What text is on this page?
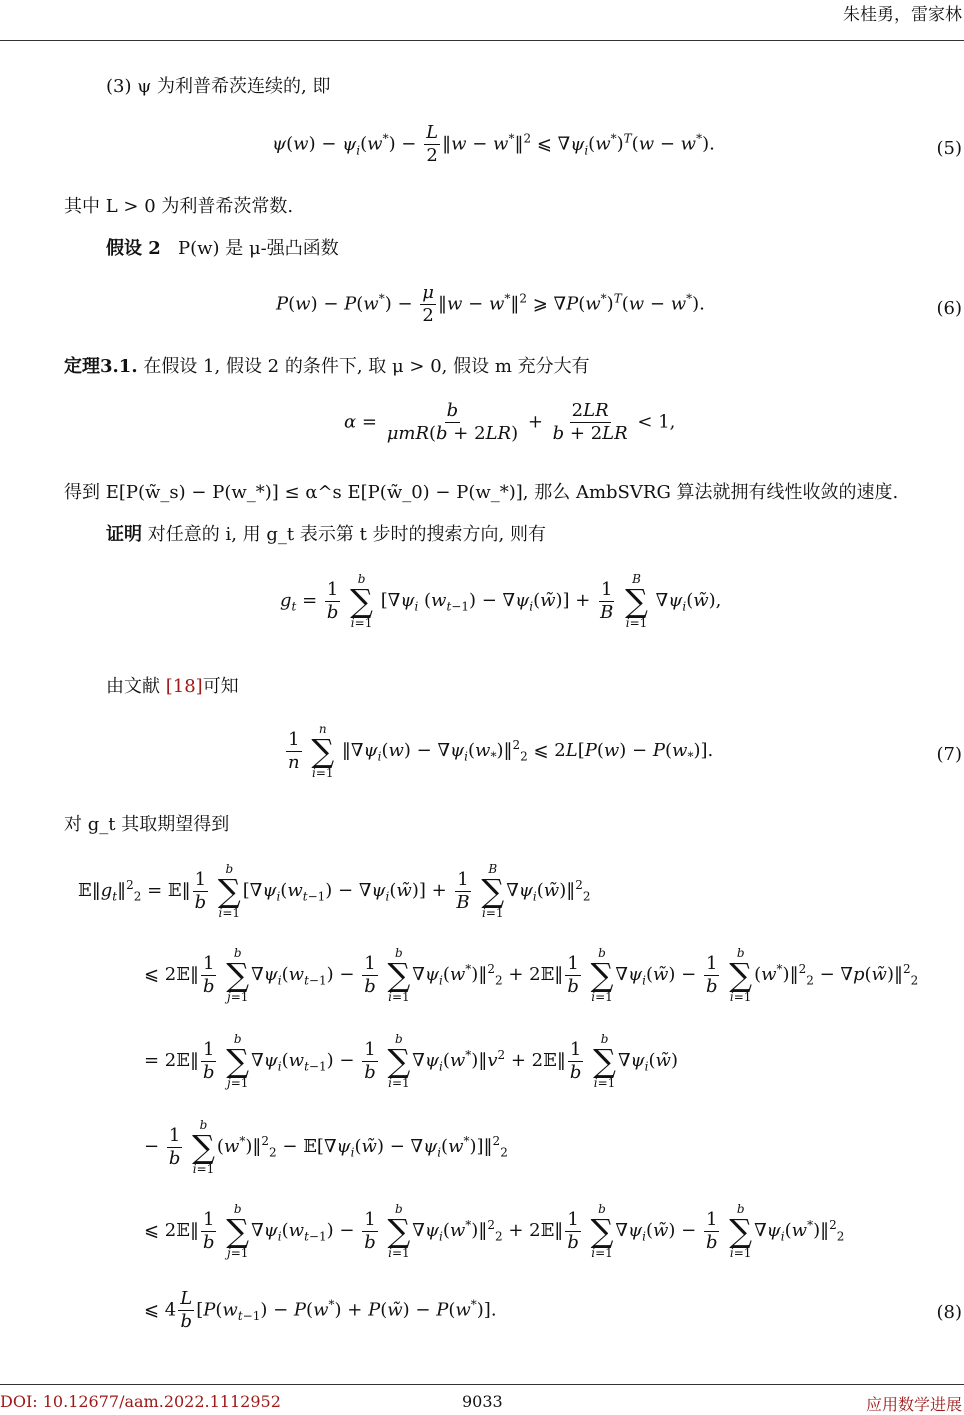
朱桂勇，雷家林
(3) ψ 为利普希茨连续的, 即
$\psi(w) - \psi_i(w^*) - \frac{L}{2}$ ‖w − w*‖$^2$ ⩽ $\nabla\psi_i(w^*)^T(w - w^*)$.	(5)
其中 L > 0 为利普希茨常数.
假设 2 P(w) 是 μ-强凸函数
$P(w) - P(w^*) - \frac{\mu}{2}$ ‖w − w*‖$^2$ ⩾ $\nabla P(w^*)^T(w - w^*)$.	(6)
定理3.1. 在假设 1, 假设 2 的条件下, 取 μ > 0, 假设 m 充分大有
$\alpha = \frac{b}{\text{μmR(b + 2LR)}} + \frac{2LR}{b + 2LR} < 1$,
得到 E[P(w̃_s) − P(w_*)] ≤ α^s E[P(w̃_0) − P(w_*)], 那么 AmbSVRG 算法就拥有线性收敛的速度.
证明 对任意的 i, 用 g_t 表示第 t 步时的搜索方向, 则有
$g_t = \frac{1}{b}$
b
∑
i=1
[$\nabla\psi_i$ $(w_{t-1})$ − $\nabla\psi_i(w̃)] + \frac{1}{B}$
B
∑
i=1
$\nabla\psi_i(w̃)$,
由文献 [18]可知
$\frac{1}{n}$
n
∑
i=1
$‖\nabla\psi_i(w)$ − $\nabla\psi_i(w_*)‖^2_2$ ⩽ $2L[P(w) - P(w_*)]$.	(7)
对 g_t 其取期望得到
$𝔼‖g_t‖^2_2$ = 𝔼‖ $\frac{1}{b}$
b
∑
i=1
[$\nabla\psi_i(w_{t-1})$ − $\nabla\psi_i(w̃)] + \frac{1}{B}$
B
∑
i=1
$\nabla\psi_i(w̃)‖^2_2$
⩽ 2𝔼‖ $\frac{1}{b}$
b
∑
j=1
$\nabla\psi_i(w_{t-1}) - \frac{1}{b}$
b
∑
i=1
$\nabla\psi_i(w^*)‖^2_2$ + 2𝔼‖ $\frac{1}{b}$
b
∑
i=1
$\nabla\psi_i(w̃) - \frac{1}{b}$
b
∑
i=1
(w*)‖$^2_2$ − ∇p(w̃)‖$^2_2$
= 2𝔼‖ $\frac{1}{b}$
b
∑
j=1
$\nabla\psi_i(w_{t-1}) - \frac{1}{b}$
b
∑
i=1
$\nabla\psi_i(w^*)‖v^2$ + 2𝔼‖ $\frac{1}{b}$
b
∑
i=1
$\nabla\psi_i(w̃)$
− $\frac{1}{b}$
b
∑
i=1
(w*)‖$^2_2$ − $𝔼[\nabla\psi_i(w̃)$ − $\nabla\psi_i(w^*)]‖^2_2$
⩽ 2𝔼‖ $\frac{1}{b}$
b
∑
j=1
$\nabla\psi_i(w_{t-1}) - \frac{1}{b}$
b
∑
i=1
$\nabla\psi_i(w^*)‖^2_2$ + 2𝔼‖ $\frac{1}{b}$
b
∑
i=1
$\nabla\psi_i(w̃) - \frac{1}{b}$
b
∑
i=1
$\nabla\psi_i(w^*)‖^2_2$
⩽ $4 \frac{L}{b} [P(w_{t-1}) - P(w^*)$ + P(w̃) − P(w*)].	(8)
DOI: 10.12677/aam.2022.1112952	9033	应用数学进展
